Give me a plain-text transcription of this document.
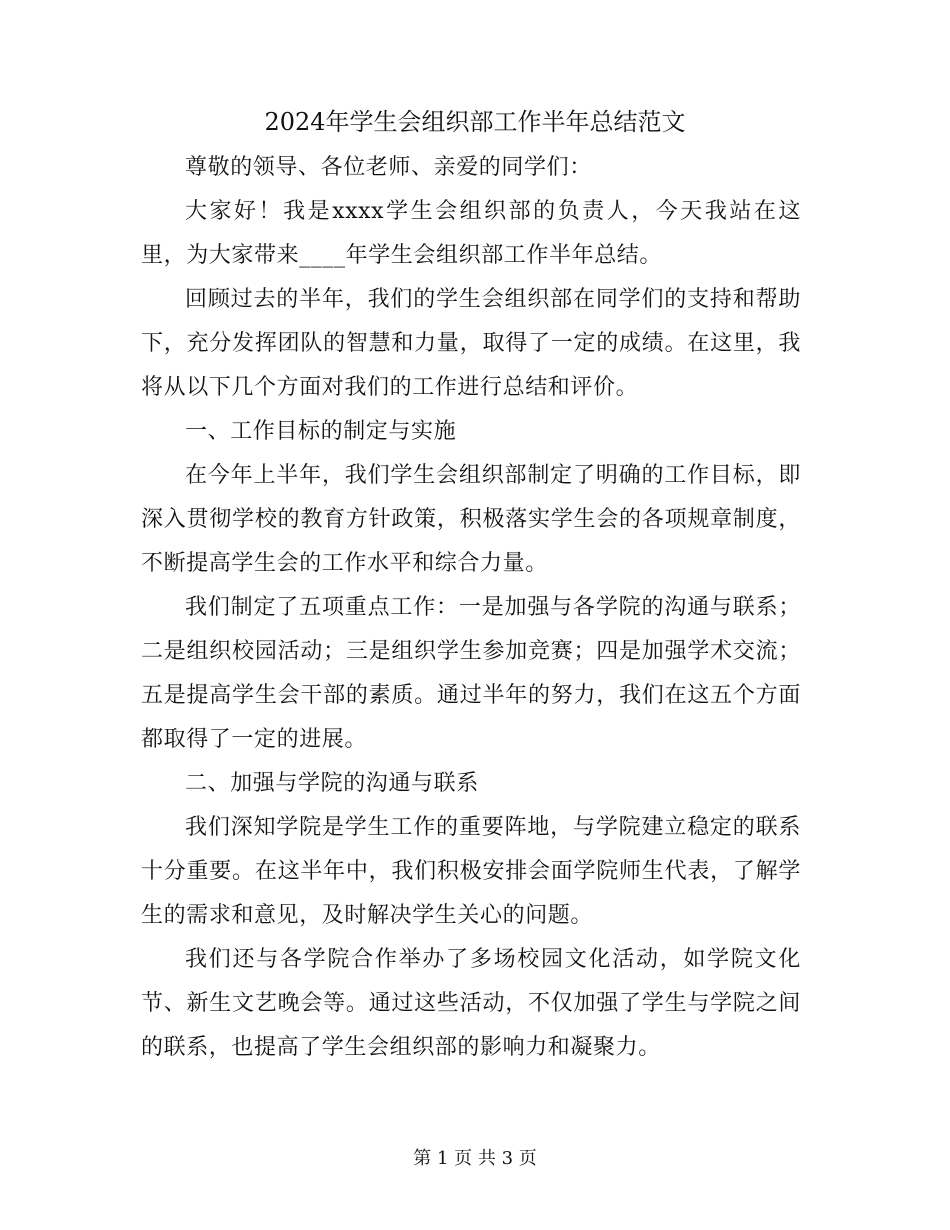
2024年学生会组织部工作半年总结范文

尊敬的领导、各位老师、亲爱的同学们：

大家好！我是xxxx学生会组织部的负责人，今天我站在这里，为大家带来____年学生会组织部工作半年总结。

回顾过去的半年，我们的学生会组织部在同学们的支持和帮助下，充分发挥团队的智慧和力量，取得了一定的成绩。在这里，我将从以下几个方面对我们的工作进行总结和评价。

一、工作目标的制定与实施

在今年上半年，我们学生会组织部制定了明确的工作目标，即深入贯彻学校的教育方针政策，积极落实学生会的各项规章制度，不断提高学生会的工作水平和综合力量。

我们制定了五项重点工作：一是加强与各学院的沟通与联系；二是组织校园活动；三是组织学生参加竞赛；四是加强学术交流；五是提高学生会干部的素质。通过半年的努力，我们在这五个方面都取得了一定的进展。

二、加强与学院的沟通与联系

我们深知学院是学生工作的重要阵地，与学院建立稳定的联系十分重要。在这半年中，我们积极安排会面学院师生代表，了解学生的需求和意见，及时解决学生关心的问题。

我们还与各学院合作举办了多场校园文化活动，如学院文化节、新生文艺晚会等。通过这些活动，不仅加强了学生与学院之间的联系，也提高了学生会组织部的影响力和凝聚力。

第 1 页 共 3 页
